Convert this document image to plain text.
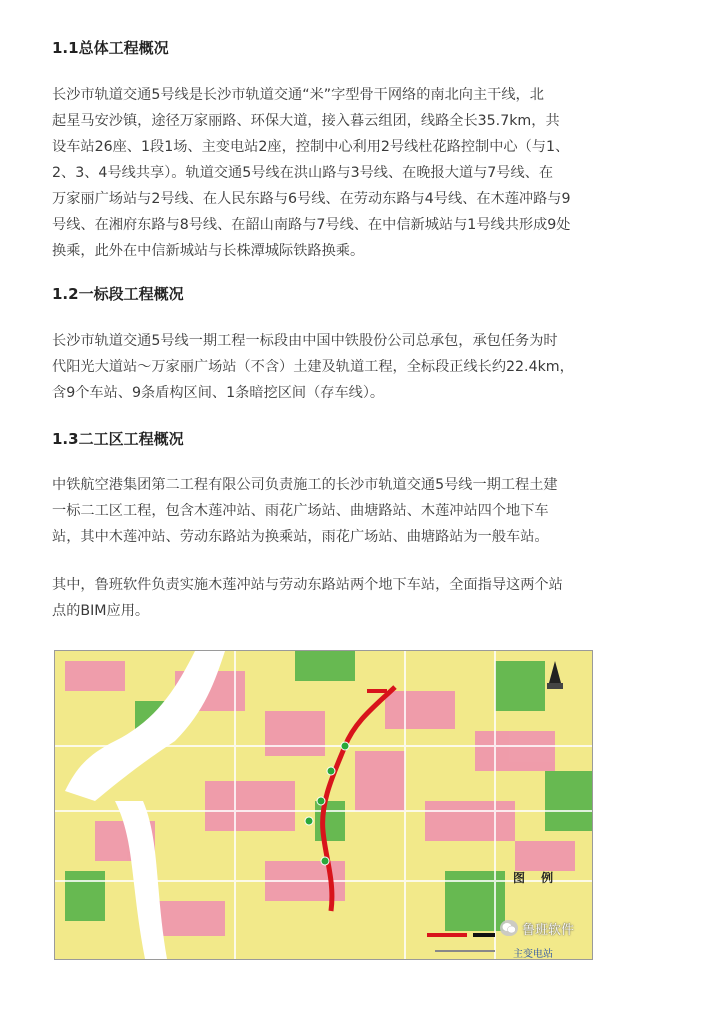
1.1总体工程概况

长沙市轨道交通5号线是长沙市轨道交通“米”字型骨干网络的南北向主干线，北
起星马安沙镇，途径万家丽路、环保大道，接入暮云组团，线路全长35.7km，共
设车站26座、1段1场、主变电站2座，控制中心利用2号线杜花路控制中心（与1、
2、3、4号线共享）。轨道交通5号线在洪山路与3号线、在晚报大道与7号线、在
万家丽广场站与2号线、在人民东路与6号线、在劳动东路与4号线、在木莲冲路与9
号线、在湘府东路与8号线、在韶山南路与7号线、在中信新城站与1号线共形成9处
换乘，此外在中信新城站与长株潭城际铁路换乘。

1.2一标段工程概况

长沙市轨道交通5号线一期工程一标段由中国中铁股份公司总承包，承包任务为时
代阳光大道站～万家丽广场站（不含）土建及轨道工程，全标段正线长约22.4km，
含9个车站、9条盾构区间、1条暗挖区间（存车线）。

1.3二工区工程概况

中铁航空港集团第二工程有限公司负责施工的长沙市轨道交通5号线一期工程土建
一标二工区工程，包含木莲冲站、雨花广场站、曲塘路站、木莲冲站四个地下车
站，其中木莲冲站、劳动东路站为换乘站，雨花广场站、曲塘路站为一般车站。

其中，鲁班软件负责实施木莲冲站与劳动东路站两个地下车站，全面指导这两个站
点的BIM应用。

图 例
主变电站
鲁班软件
